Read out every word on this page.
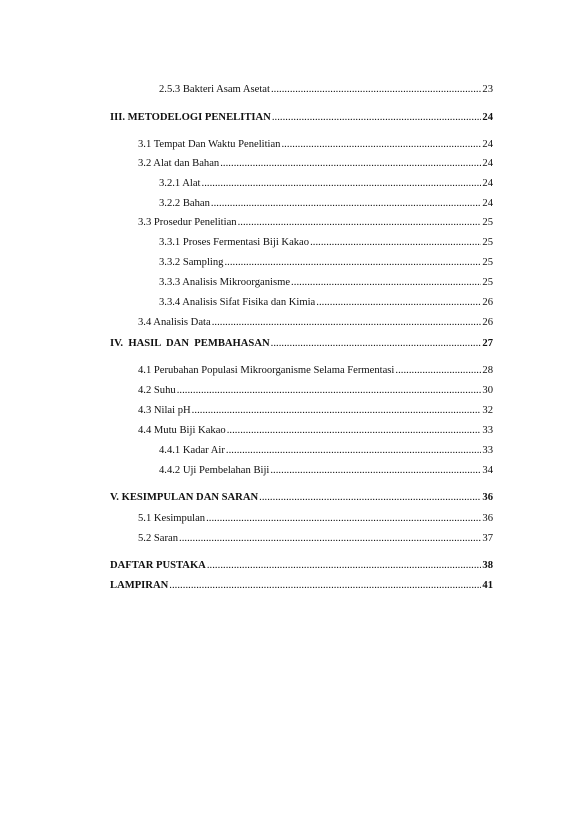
2.5.3 Bakteri Asam Asetat . . .	23
III. METODELOGI PENELITIAN . . .	24
3.1 Tempat Dan Waktu Penelitian . . .	24
3.2 Alat dan Bahan . . .	24
3.2.1 Alat . . .	24
3.2.2 Bahan . . .	24
3.3 Prosedur Penelitian . . .	25
3.3.1 Proses Fermentasi Biji Kakao . . .	25
3.3.2 Sampling . . .	25
3.3.3 Analisis Mikroorganisme . . .	25
3.3.4 Analisis Sifat Fisika dan Kimia . . .	26
3.4 Analisis Data . . .	26
IV.  HASIL  DAN  PEMBAHASAN . . .	27
4.1 Perubahan Populasi Mikroorganisme Selama Fermentasi . . .	28
4.2 Suhu . . .	30
4.3 Nilai pH . . .	32
4.4 Mutu Biji Kakao . . .	33
4.4.1 Kadar Air . . .	33
4.4.2 Uji Pembelahan Biji . . .	34
V. KESIMPULAN DAN SARAN . . .	36
5.1 Kesimpulan . . .	36
5.2 Saran . . .	37
DAFTAR PUSTAKA . . .	38
LAMPIRAN . . .	41
